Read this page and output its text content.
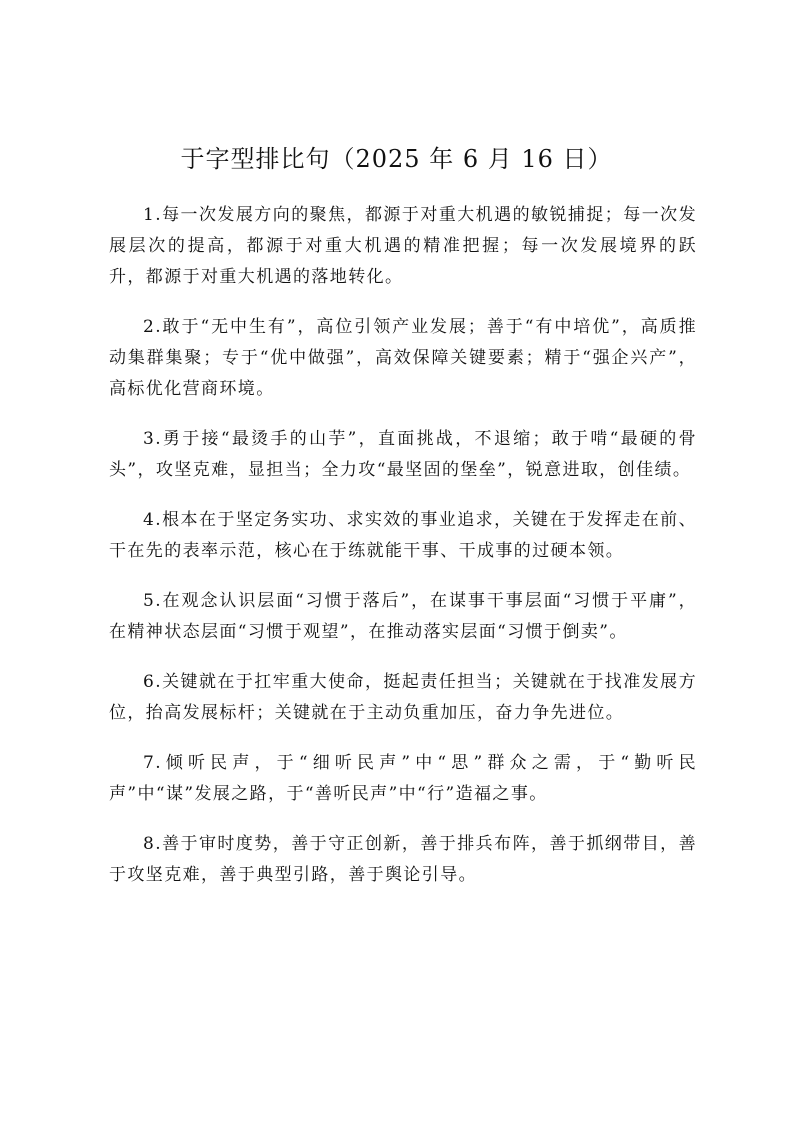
于字型排比句（2025 年 6 月 16 日）

1.每一次发展方向的聚焦，都源于对重大机遇的敏锐捕捉；每一次发展层次的提高，都源于对重大机遇的精准把握；每一次发展境界的跃升，都源于对重大机遇的落地转化。

2.敢于“无中生有”，高位引领产业发展；善于“有中培优”，高质推动集群集聚；专于“优中做强”，高效保障关键要素；精于“强企兴产”，高标优化营商环境。

3.勇于接“最烫手的山芋”，直面挑战，不退缩；敢于啃“最硬的骨头”，攻坚克难，显担当；全力攻“最坚固的堡垒”，锐意进取，创佳绩。

4.根本在于坚定务实功、求实效的事业追求，关键在于发挥走在前、干在先的表率示范，核心在于练就能干事、干成事的过硬本领。

5.在观念认识层面“习惯于落后”，在谋事干事层面“习惯于平庸”，在精神状态层面“习惯于观望”，在推动落实层面“习惯于倒卖”。

6.关键就在于扛牢重大使命，挺起责任担当；关键就在于找准发展方位，抬高发展标杆；关键就在于主动负重加压，奋力争先进位。

7.倾听民声，于“细听民声”中“思”群众之需，于“勤听民声”中“谋”发展之路，于“善听民声”中“行”造福之事。

8.善于审时度势，善于守正创新，善于排兵布阵，善于抓纲带目，善于攻坚克难，善于典型引路，善于舆论引导。
